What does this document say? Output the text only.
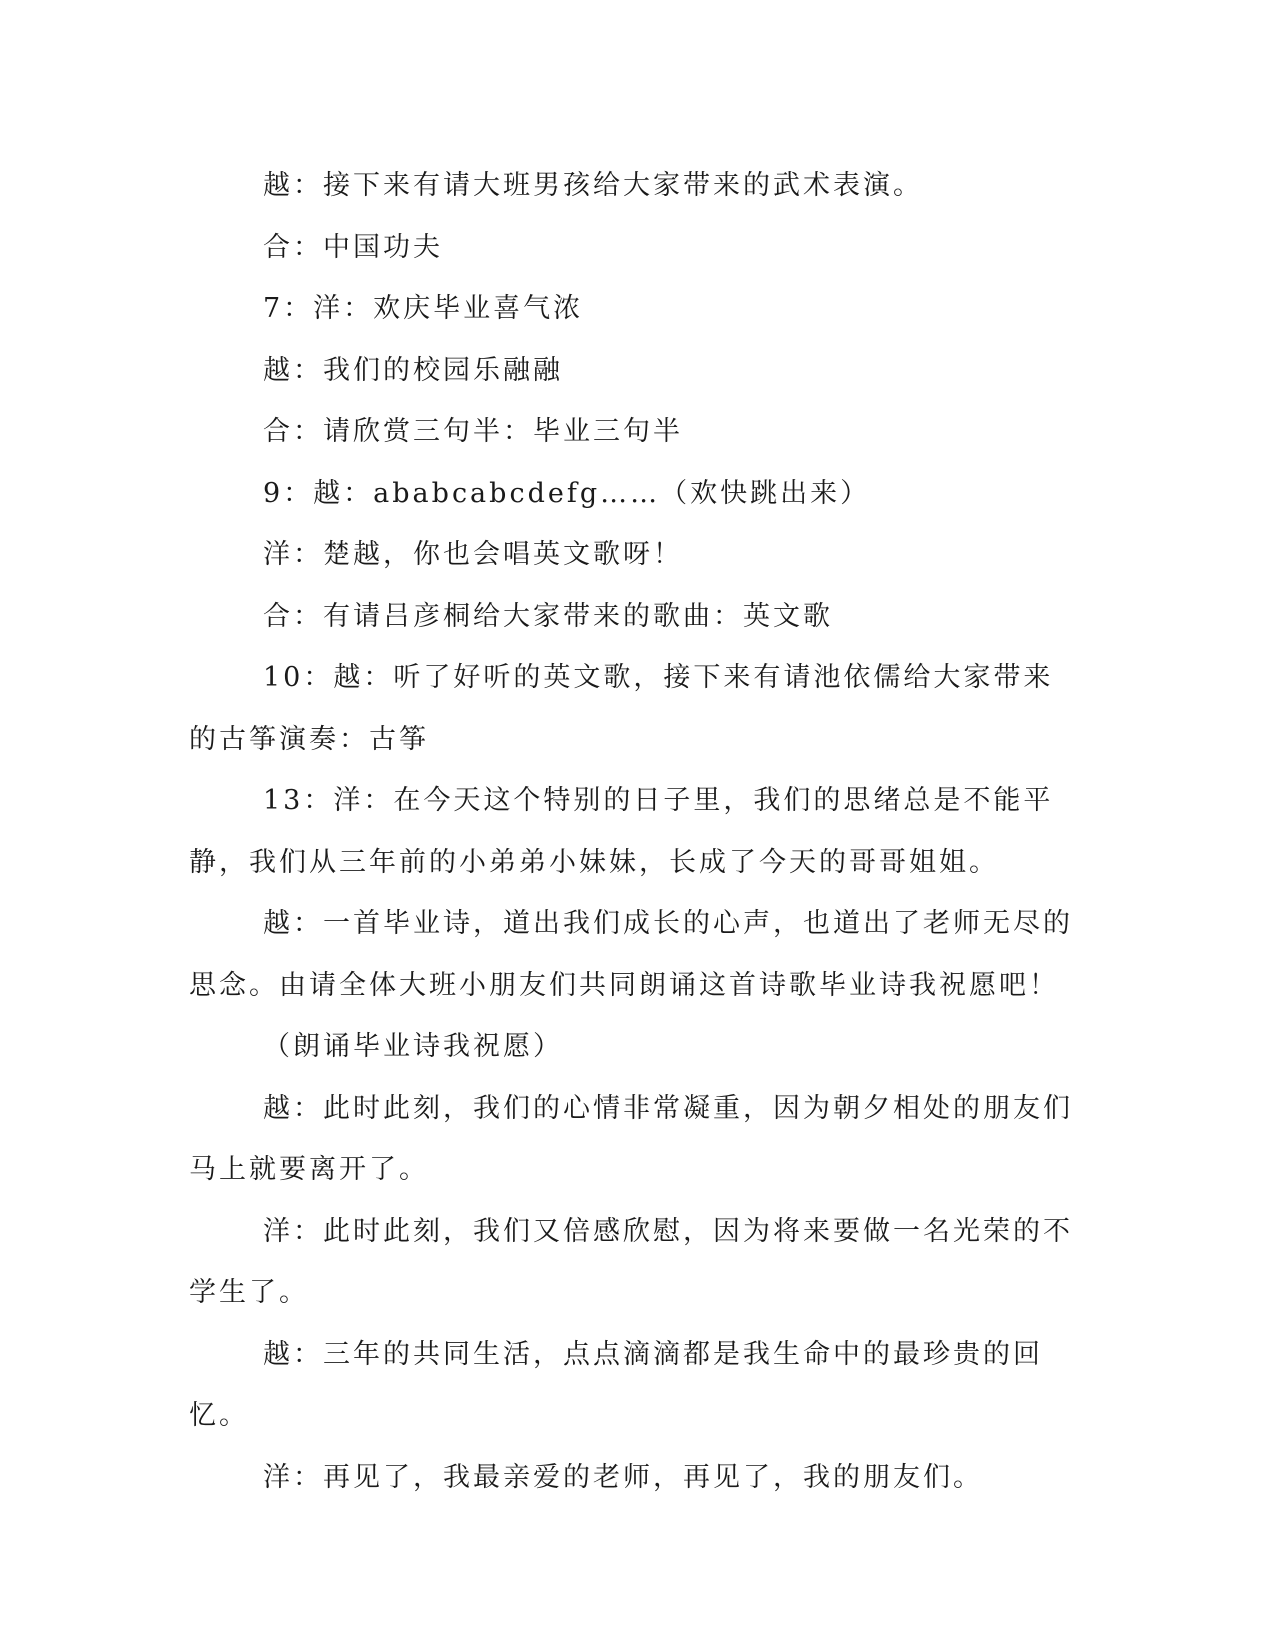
越：接下来有请大班男孩给大家带来的武术表演。

合：中国功夫

7：洋：欢庆毕业喜气浓

越：我们的校园乐融融

合：请欣赏三句半：毕业三句半

9：越：ababcabcdefg……（欢快跳出来）

洋：楚越，你也会唱英文歌呀！

合：有请吕彦桐给大家带来的歌曲：英文歌

10：越：听了好听的英文歌，接下来有请池依儒给大家带来的古筝演奏：古筝

13：洋：在今天这个特别的日子里，我们的思绪总是不能平静，我们从三年前的小弟弟小妹妹，长成了今天的哥哥姐姐。

越：一首毕业诗，道出我们成长的心声，也道出了老师无尽的思念。由请全体大班小朋友们共同朗诵这首诗歌毕业诗我祝愿吧！

（朗诵毕业诗我祝愿）

越：此时此刻，我们的心情非常凝重，因为朝夕相处的朋友们马上就要离开了。

洋：此时此刻，我们又倍感欣慰，因为将来要做一名光荣的不学生了。

越：三年的共同生活，点点滴滴都是我生命中的最珍贵的回忆。

洋：再见了，我最亲爱的老师，再见了，我的朋友们。
